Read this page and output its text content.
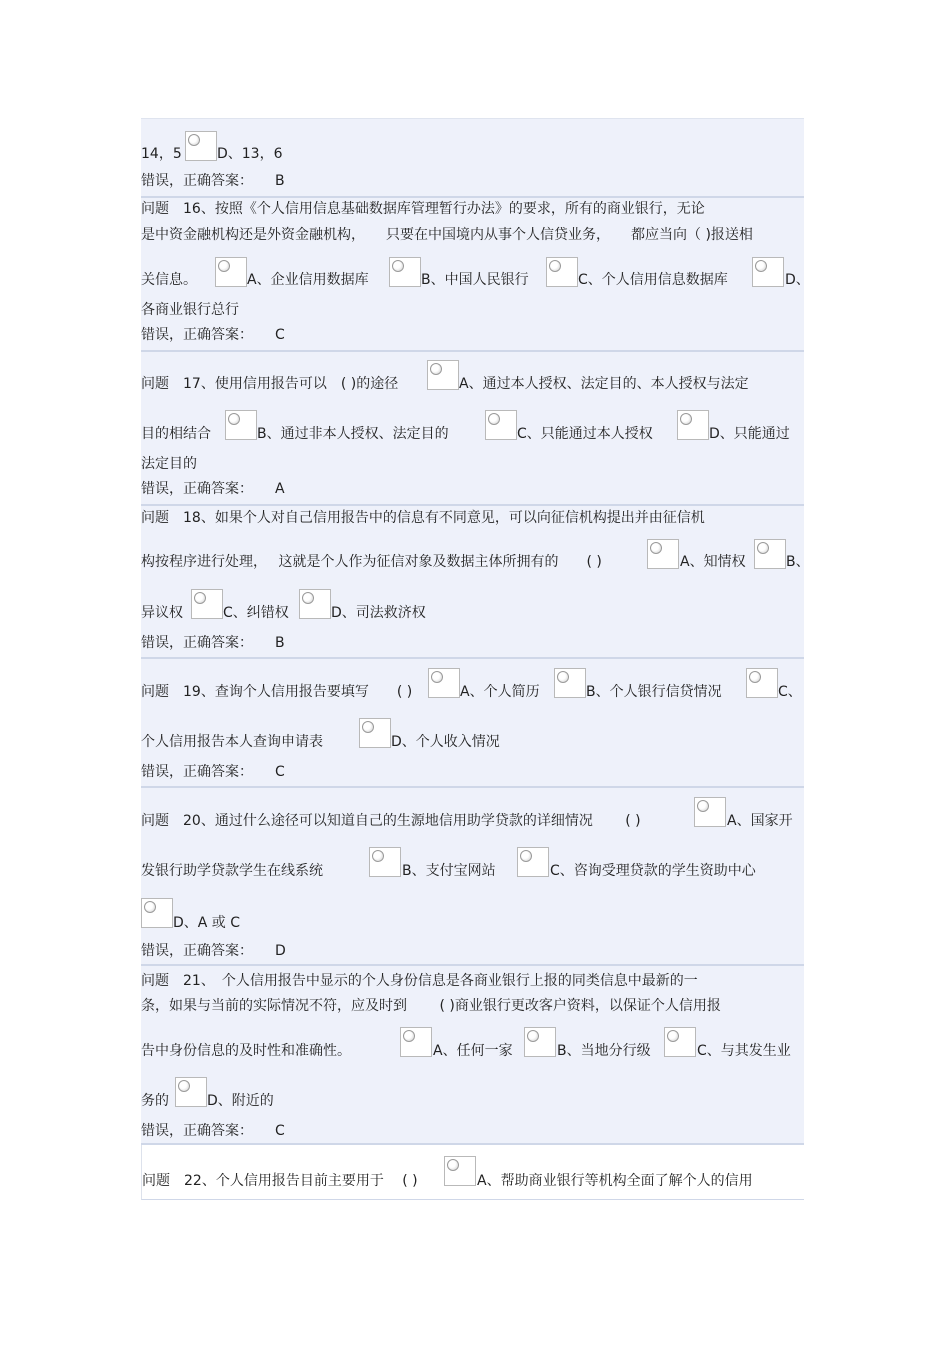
14，5	D、13，6
错误，正确答案： B
问题　16、按照《个人信用信息基础数据库管理暂行办法》的要求，所有的商业银行，无论
是中资金融机构还是外资金融机构，　　只要在中国境内从事个人信贷业务，　　都应当向（ )报送相
关信息。	A、企业信用数据库	B、中国人民银行	C、个人信用信息数据库	D、
各商业银行总行
错误，正确答案： C
问题　17、使用信用报告可以　( )的途径	A、通过本人授权、法定目的、本人授权与法定
目的相结合	B、通过非本人授权、法定目的	C、只能通过本人授权	D、只能通过
法定目的
错误，正确答案： A
问题　18、如果个人对自己信用报告中的信息有不同意见，可以向征信机构提出并由征信机
构按程序进行处理，　 这就是个人作为征信对象及数据主体所拥有的　　( )	A、知情权	B、
异议权	C、纠错权	D、司法救济权
错误，正确答案： B
问题　19、查询个人信用报告要填写　　( )	A、个人简历	B、个人银行信贷情况	C、
个人信用报告本人查询申请表	D、个人收入情况
错误，正确答案： C
问题　20、通过什么途径可以知道自己的生源地信用助学贷款的详细情况　　 ( )	A、国家开
发银行助学贷款学生在线系统	B、支付宝网站	C、咨询受理贷款的学生资助中心
D、A 或 C
错误，正确答案： D
问题　21、　个人信用报告中显示的个人身份信息是各商业银行上报的同类信息中最新的一
条，如果与当前的实际情况不符，应及时到　　 ( )商业银行更改客户资料，以保证个人信用报
告中身份信息的及时性和准确性。	A、任何一家	B、当地分行级	C、与其发生业
务的	D、附近的
错误，正确答案： C
问题　22、个人信用报告目前主要用于　 ( )	A、帮助商业银行等机构全面了解个人的信用
